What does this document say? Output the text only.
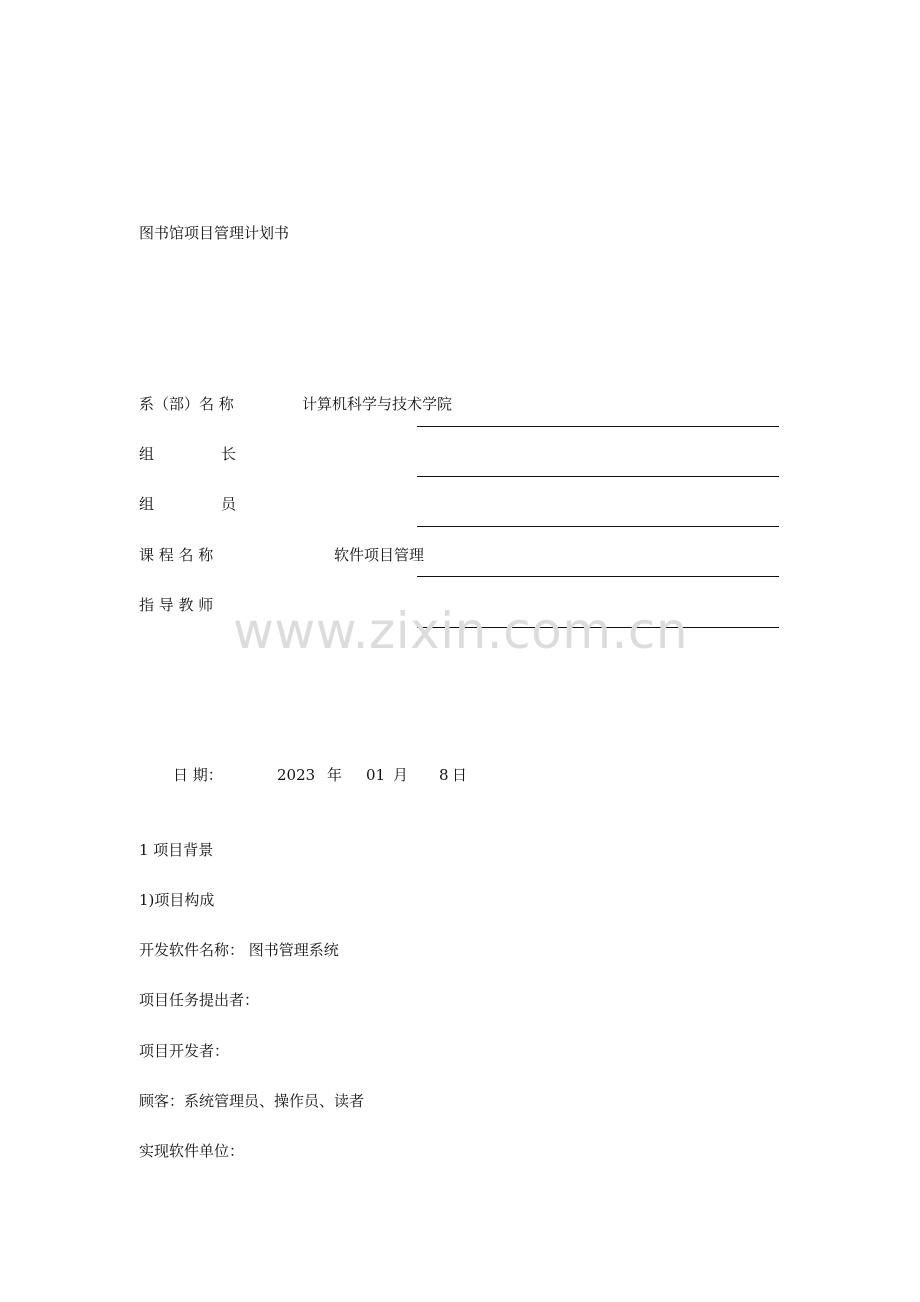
图书馆项目管理计划书
系（部）名 称	计算机科学与技术学院
组	长
组	员
课 程 名 称	软件项目管理
指 导 教 师 www.zixin.com.cn
日 期：	2023 年 01 月 8 日
1 项目背景
1)项目构成
开发软件名称： 图书管理系统
项目任务提出者：
项目开发者：
顾客：系统管理员、操作员、读者
实现软件单位：
